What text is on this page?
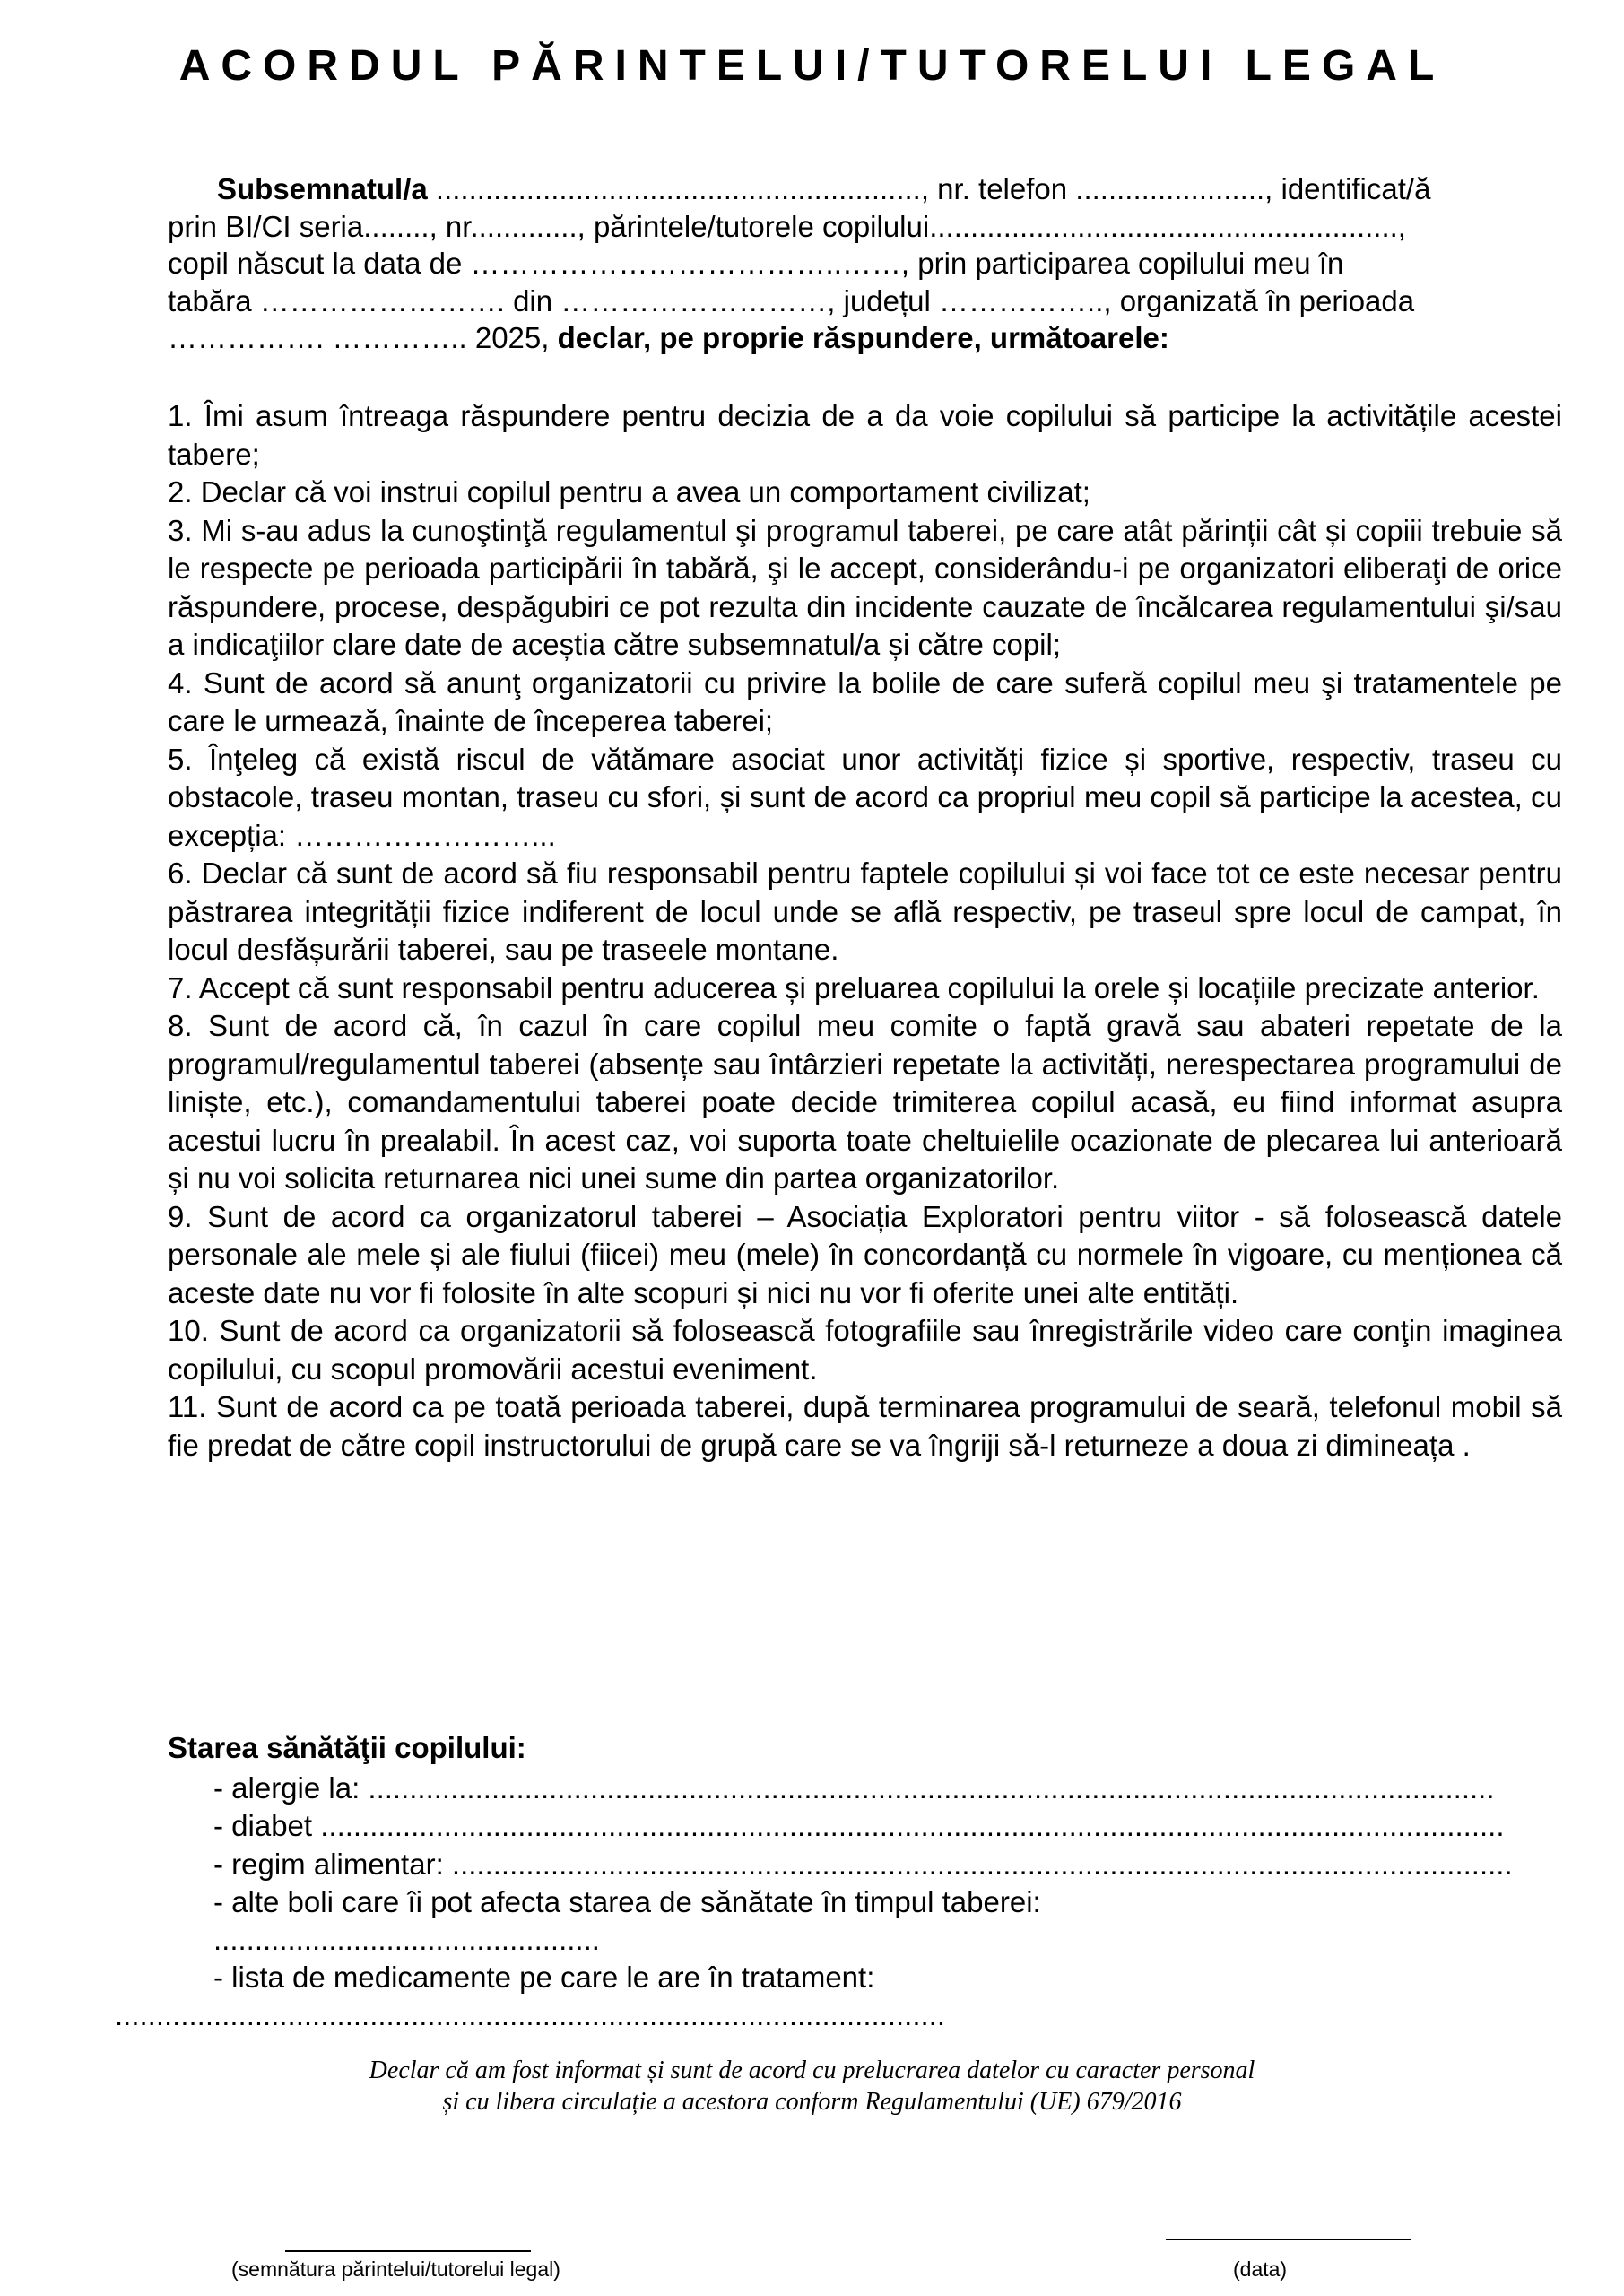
ACORDUL PĂRINTELUI/TUTORELUI LEGAL
Subsemnatul/a ..........................................................., nr. telefon ......................., identificat/ă
prin BI/CI seria........, nr............., părintele/tutorele copilului.........................................................,
copil născut la data de ………………………………..……, prin participarea copilului meu în
tabăra ……………………. din ………………………, județul …………….., organizată în perioada
……………. ………….. 2025, declar, pe proprie răspundere, următoarele:

1. Îmi asum întreaga răspundere pentru decizia de a da voie copilului să participe la activitățile acestei tabere;

2. Declar că voi instrui copilul pentru a avea un comportament civilizat;

3. Mi s-au adus la cunoştinţă regulamentul şi programul taberei, pe care atât părinții cât și copiii trebuie să le respecte pe perioada participării în tabără, şi le accept, considerându-i pe organizatori eliberaţi de orice răspundere, procese, despăgubiri ce pot rezulta din incidente cauzate de încălcarea regulamentului şi/sau a indicaţiilor clare date de aceștia către subsemnatul/a și către copil;

4. Sunt de acord să anunţ organizatorii cu privire la bolile de care suferă copilul meu şi tratamentele pe care le urmează, înainte de începerea taberei;

5. Înţeleg că există riscul de vătămare asociat unor activități fizice și sportive, respectiv, traseu cu obstacole, traseu montan, traseu cu sfori, și sunt de acord ca propriul meu copil să participe la acestea, cu excepția: ……………………...

6. Declar că sunt de acord să fiu responsabil pentru faptele copilului și voi face tot ce este necesar pentru păstrarea integrității fizice indiferent de locul unde se află respectiv, pe traseul spre locul de campat, în locul desfășurării taberei, sau pe traseele montane.

7. Accept că sunt responsabil pentru aducerea și preluarea copilului la orele și locațiile precizate anterior.

8. Sunt de acord că, în cazul în care copilul meu comite o faptă gravă sau abateri repetate de la programul/regulamentul taberei (absențe sau întârzieri repetate la activități, nerespectarea programului de liniște, etc.), comandamentului taberei poate decide trimiterea copilul acasă, eu fiind informat asupra acestui lucru în prealabil. În acest caz, voi suporta toate cheltuielile ocazionate de plecarea lui anterioară și nu voi solicita returnarea nici unei sume din partea organizatorilor.

9. Sunt de acord ca organizatorul taberei – Asociația Exploratori pentru viitor - să folosească datele personale ale mele și ale fiului (fiicei) meu (mele) în concordanță cu normele în vigoare, cu menționea că aceste date nu vor fi folosite în alte scopuri și nici nu vor fi oferite unei alte entități.

10. Sunt de acord ca organizatorii să folosească fotografiile sau înregistrările video care conţin imaginea copilului, cu scopul promovării acestui eveniment.

11. Sunt de acord ca pe toată perioada taberei, după terminarea programului de seară, telefonul mobil să fie predat de către copil instructorului de grupă care se va îngriji să-l returneze a doua zi dimineața .

Starea sănătăţii copilului:
- alergie la: .........................................................................................................................................
- diabet ................................................................................................................................................
- regim alimentar: .................................................................................................................................
- alte boli care îi pot afecta starea de sănătate în timpul taberei:
...............................................
- lista de medicamente pe care le are în tratament:
.....................................................................................................
Declar că am fost informat și sunt de acord cu prelucrarea datelor cu caracter personal
și cu libera circulație a acestora conform Regulamentului (UE) 679/2016
(semnătura părintelui/tutorelui legal)	(data)
